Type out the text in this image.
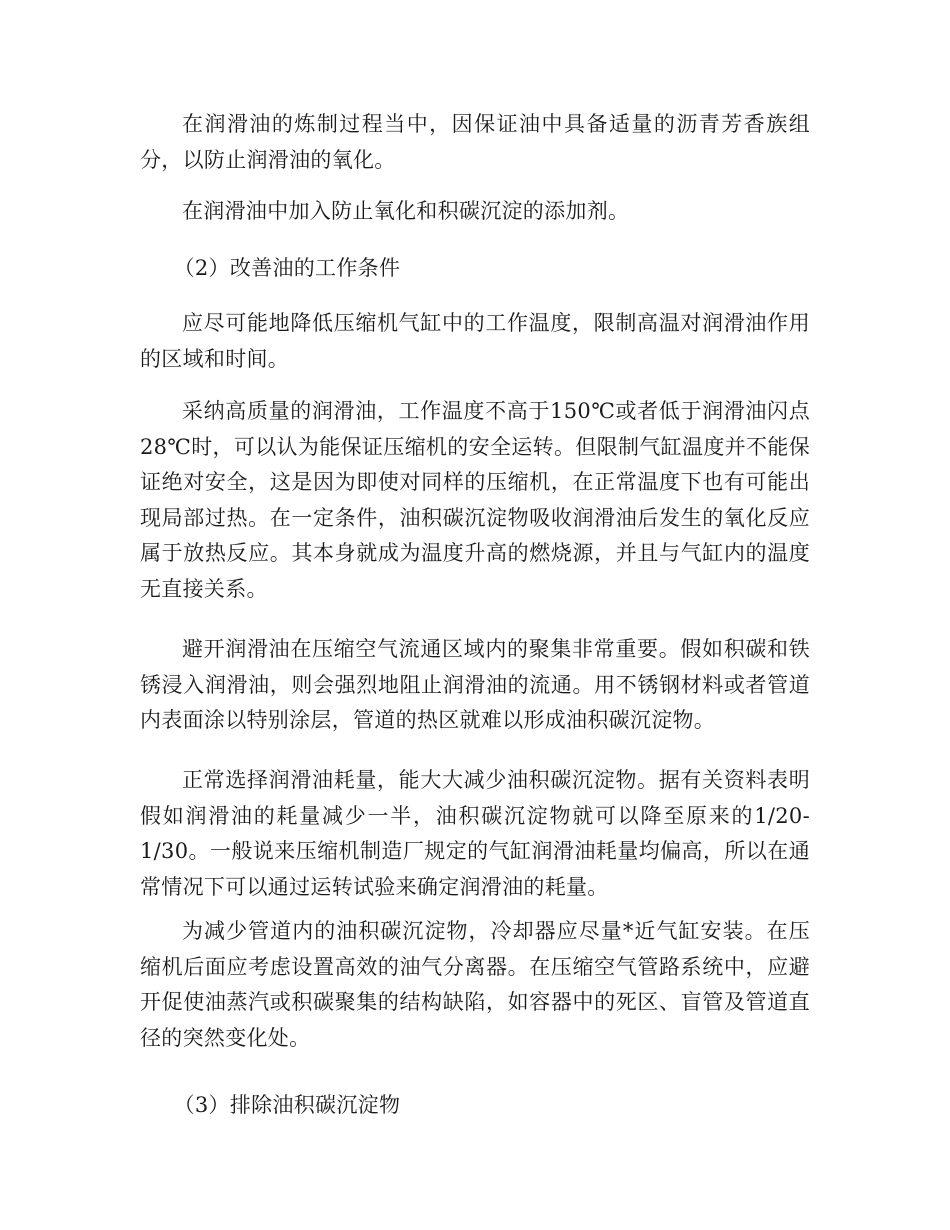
在润滑油的炼制过程当中，因保证油中具备适量的沥青芳香族组分，以防止润滑油的氧化。

在润滑油中加入防止氧化和积碳沉淀的添加剂。

（2）改善油的工作条件

应尽可能地降低压缩机气缸中的工作温度，限制高温对润滑油作用的区域和时间。

采纳高质量的润滑油，工作温度不高于150℃或者低于润滑油闪点28℃时，可以认为能保证压缩机的安全运转。但限制气缸温度并不能保证绝对安全，这是因为即使对同样的压缩机，在正常温度下也有可能出现局部过热。在一定条件，油积碳沉淀物吸收润滑油后发生的氧化反应属于放热反应。其本身就成为温度升高的燃烧源，并且与气缸内的温度无直接关系。

避开润滑油在压缩空气流通区域内的聚集非常重要。假如积碳和铁锈浸入润滑油，则会强烈地阻止润滑油的流通。用不锈钢材料或者管道内表面涂以特别涂层，管道的热区就难以形成油积碳沉淀物。

正常选择润滑油耗量，能大大减少油积碳沉淀物。据有关资料表明假如润滑油的耗量减少一半，油积碳沉淀物就可以降至原来的1/20-1/30。一般说来压缩机制造厂规定的气缸润滑油耗量均偏高，所以在通常情况下可以通过运转试验来确定润滑油的耗量。

为减少管道内的油积碳沉淀物，冷却器应尽量*近气缸安装。在压缩机后面应考虑设置高效的油气分离器。在压缩空气管路系统中，应避开促使油蒸汽或积碳聚集的结构缺陷，如容器中的死区、盲管及管道直径的突然变化处。

（3）排除油积碳沉淀物
